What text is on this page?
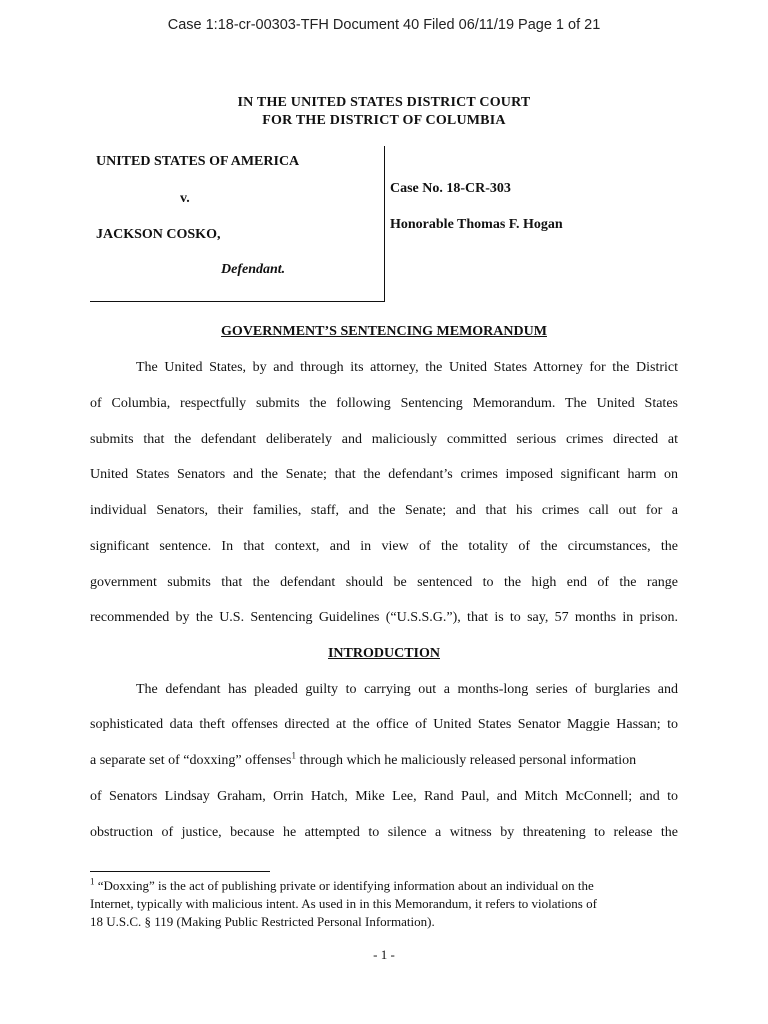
Case 1:18-cr-00303-TFH Document 40 Filed 06/11/19 Page 1 of 21
IN THE UNITED STATES DISTRICT COURT
FOR THE DISTRICT OF COLUMBIA
UNITED STATES OF AMERICA
v.
JACKSON COSKO,
Defendant.
Case No. 18-CR-303
Honorable Thomas F. Hogan
GOVERNMENT’S SENTENCING MEMORANDUM
The United States, by and through its attorney, the United States Attorney for the District
of Columbia, respectfully submits the following Sentencing Memorandum. The United States
submits that the defendant deliberately and maliciously committed serious crimes directed at
United States Senators and the Senate; that the defendant’s crimes imposed significant harm on
individual Senators, their families, staff, and the Senate; and that his crimes call out for a
significant sentence. In that context, and in view of the totality of the circumstances, the
government submits that the defendant should be sentenced to the high end of the range
recommended by the U.S. Sentencing Guidelines (“U.S.S.G.”), that is to say, 57 months in prison.
INTRODUCTION
The defendant has pleaded guilty to carrying out a months-long series of burglaries and
sophisticated data theft offenses directed at the office of United States Senator Maggie Hassan; to
a separate set of “doxxing” offenses$^1$ through which he maliciously released personal information
of Senators Lindsay Graham, Orrin Hatch, Mike Lee, Rand Paul, and Mitch McConnell; and to
obstruction of justice, because he attempted to silence a witness by threatening to release the
$^1$ “Doxxing” is the act of publishing private or identifying information about an individual on the
Internet, typically with malicious intent. As used in in this Memorandum, it refers to violations of
18 U.S.C. § 119 (Making Public Restricted Personal Information).
- 1 -
